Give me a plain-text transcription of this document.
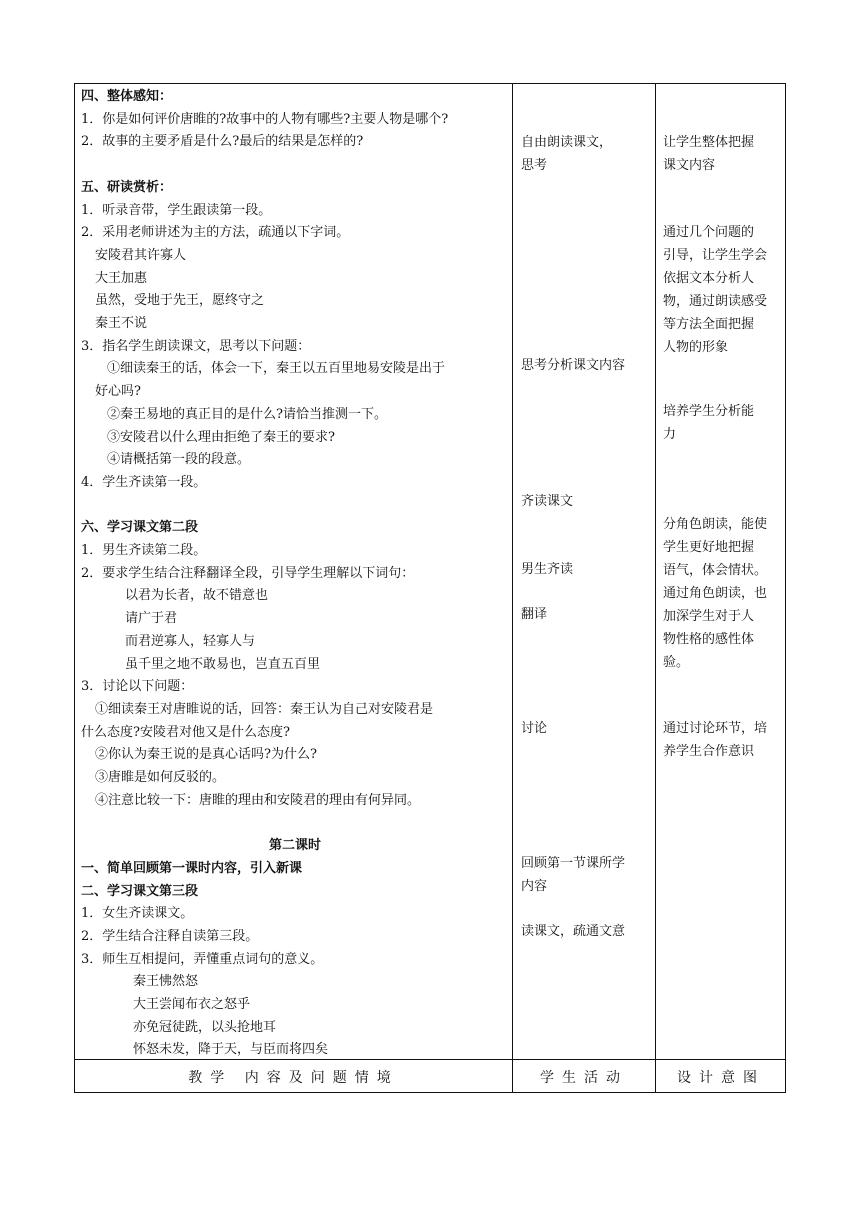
四、整体感知：
1．你是如何评价唐睢的?故事中的人物有哪些?主要人物是哪个?
2．故事的主要矛盾是什么?最后的结果是怎样的?
五、研读赏析：
1．听录音带，学生跟读第一段。
2．采用老师讲述为主的方法，疏通以下字词。
安陵君其许寡人
大王加惠
虽然，受地于先王，愿终守之
秦王不说
3．指名学生朗读课文，思考以下问题：
①细读秦王的话，体会一下，秦王以五百里地易安陵是出于
好心吗?
②秦王易地的真正目的是什么?请恰当推测一下。
③安陵君以什么理由拒绝了秦王的要求?
④请概括第一段的段意。
4．学生齐读第一段。
六、学习课文第二段
1．男生齐读第二段。
2．要求学生结合注释翻译全段，引导学生理解以下词句：
以君为长者，故不错意也
请广于君
而君逆寡人，轻寡人与
虽千里之地不敢易也，岂直五百里
3．讨论以下问题：
①细读秦王对唐睢说的话，回答：秦王认为自己对安陵君是
什么态度?安陵君对他又是什么态度?
②你认为秦王说的是真心话吗?为什么?
③唐睢是如何反驳的。
④注意比较一下：唐睢的理由和安陵君的理由有何异同。
第二课时
一、简单回顾第一课时内容，引入新课
二、学习课文第三段
1．女生齐读课文。
2．学生结合注释自读第三段。
3．师生互相提问，弄懂重点词句的意义。
秦王怫然怒
大王尝闻布衣之怒乎
亦免冠徒跣，以头抢地耳
怀怒未发，降于天，与臣而将四矣
自由朗读课文，
思考
思考分析课文内容
齐读课文
男生齐读
翻译
讨论
回顾第一节课所学
内容
读课文，疏通文意
让学生整体把握
课文内容
通过几个问题的
引导，让学生学会
依据文本分析人
物，通过朗读感受
等方法全面把握
人物的形象
培养学生分析能
力
分角色朗读，能使
学生更好地把握
语气，体会情状。
通过角色朗读，也
加深学生对于人
物性格的感性体
验。
通过讨论环节，培
养学生合作意识
教学 内容及问题情境	学生活动	设计意图
